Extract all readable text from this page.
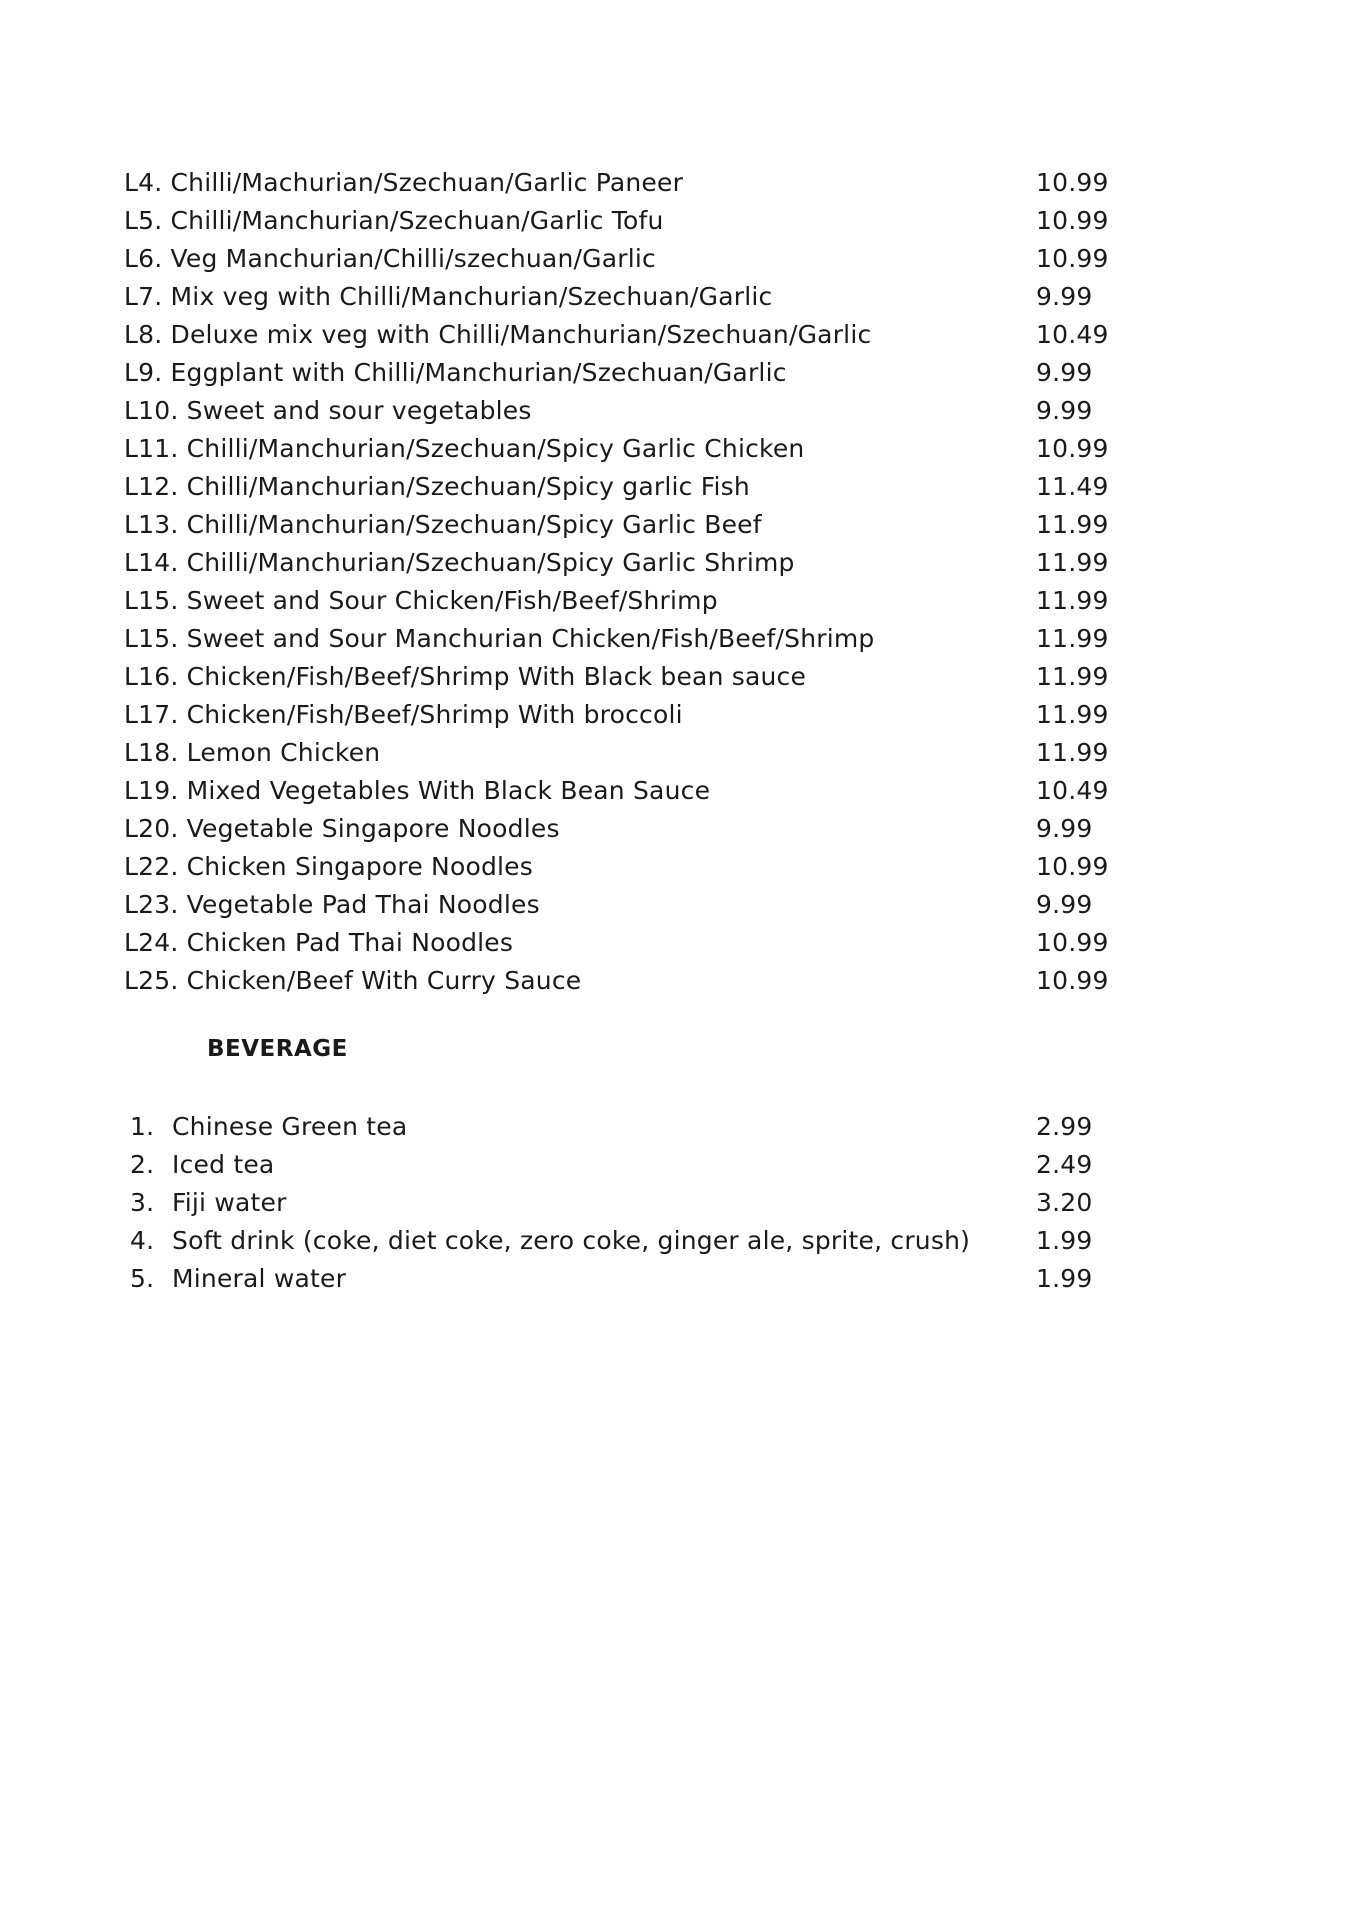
L4. Chilli/Machurian/Szechuan/Garlic Paneer	10.99
L5. Chilli/Manchurian/Szechuan/Garlic Tofu	10.99
L6. Veg Manchurian/Chilli/szechuan/Garlic	10.99
L7. Mix veg with Chilli/Manchurian/Szechuan/Garlic	9.99
L8. Deluxe mix veg with Chilli/Manchurian/Szechuan/Garlic	10.49
L9. Eggplant with Chilli/Manchurian/Szechuan/Garlic	9.99
L10. Sweet and sour vegetables	9.99
L11. Chilli/Manchurian/Szechuan/Spicy Garlic Chicken	10.99
L12. Chilli/Manchurian/Szechuan/Spicy garlic Fish	11.49
L13. Chilli/Manchurian/Szechuan/Spicy Garlic Beef	11.99
L14. Chilli/Manchurian/Szechuan/Spicy Garlic Shrimp	11.99
L15. Sweet and Sour Chicken/Fish/Beef/Shrimp	11.99
L15. Sweet and Sour Manchurian Chicken/Fish/Beef/Shrimp	11.99
L16. Chicken/Fish/Beef/Shrimp With Black bean sauce	11.99
L17. Chicken/Fish/Beef/Shrimp With broccoli	11.99
L18. Lemon Chicken	11.99
L19. Mixed Vegetables With Black Bean Sauce	10.49
L20. Vegetable Singapore Noodles	9.99
L22. Chicken Singapore Noodles	10.99
L23. Vegetable Pad Thai Noodles	9.99
L24. Chicken Pad Thai Noodles	10.99
L25. Chicken/Beef With Curry Sauce	10.99
BEVERAGE
1. Chinese Green tea	2.99
2. Iced tea	2.49
3. Fiji water	3.20
4. Soft drink (coke, diet coke, zero coke, ginger ale, sprite, crush)	1.99
5. Mineral water	1.99
